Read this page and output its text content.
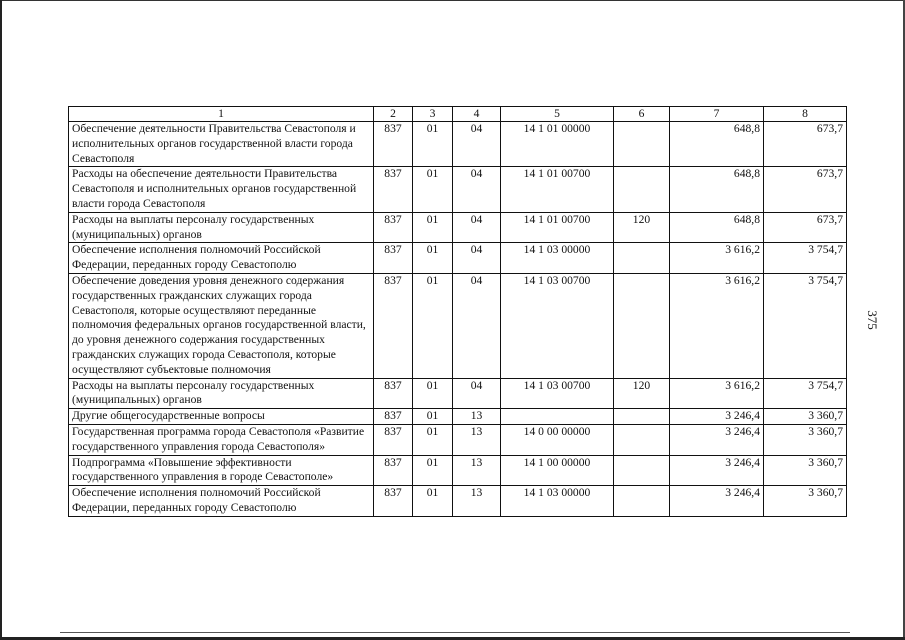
375
1	2	3	4	5	6	7	8
Обеспечение деятельности Правительства Севастополя и исполнительных органов государственной власти города Севастополя	837	01	04	14 1 01 00000		648,8	673,7
Расходы на обеспечение деятельности Правительства Севастополя и исполнительных органов государственной власти города Севастополя	837	01	04	14 1 01 00700		648,8	673,7
Расходы на выплаты персоналу государственных (муниципальных) органов	837	01	04	14 1 01 00700	120	648,8	673,7
Обеспечение исполнения полномочий Российской Федерации, переданных городу Севастополю	837	01	04	14 1 03 00000		3 616,2	3 754,7
Обеспечение доведения уровня денежного содержания государственных гражданских служащих города Севастополя, которые осуществляют переданные полномочия федеральных органов государственной власти, до уровня денежного содержания государственных гражданских служащих города Севастополя, которые осуществляют субъектовые полномочия	837	01	04	14 1 03 00700		3 616,2	3 754,7
Расходы на выплаты персоналу государственных (муниципальных) органов	837	01	04	14 1 03 00700	120	3 616,2	3 754,7
Другие общегосударственные вопросы	837	01	13			3 246,4	3 360,7
Государственная программа города Севастополя «Развитие государственного управления города Севастополя»	837	01	13	14 0 00 00000		3 246,4	3 360,7
Подпрограмма «Повышение эффективности государственного управления в городе Севастополе»	837	01	13	14 1 00 00000		3 246,4	3 360,7
Обеспечение исполнения полномочий Российской Федерации, переданных городу Севастополю	837	01	13	14 1 03 00000		3 246,4	3 360,7
